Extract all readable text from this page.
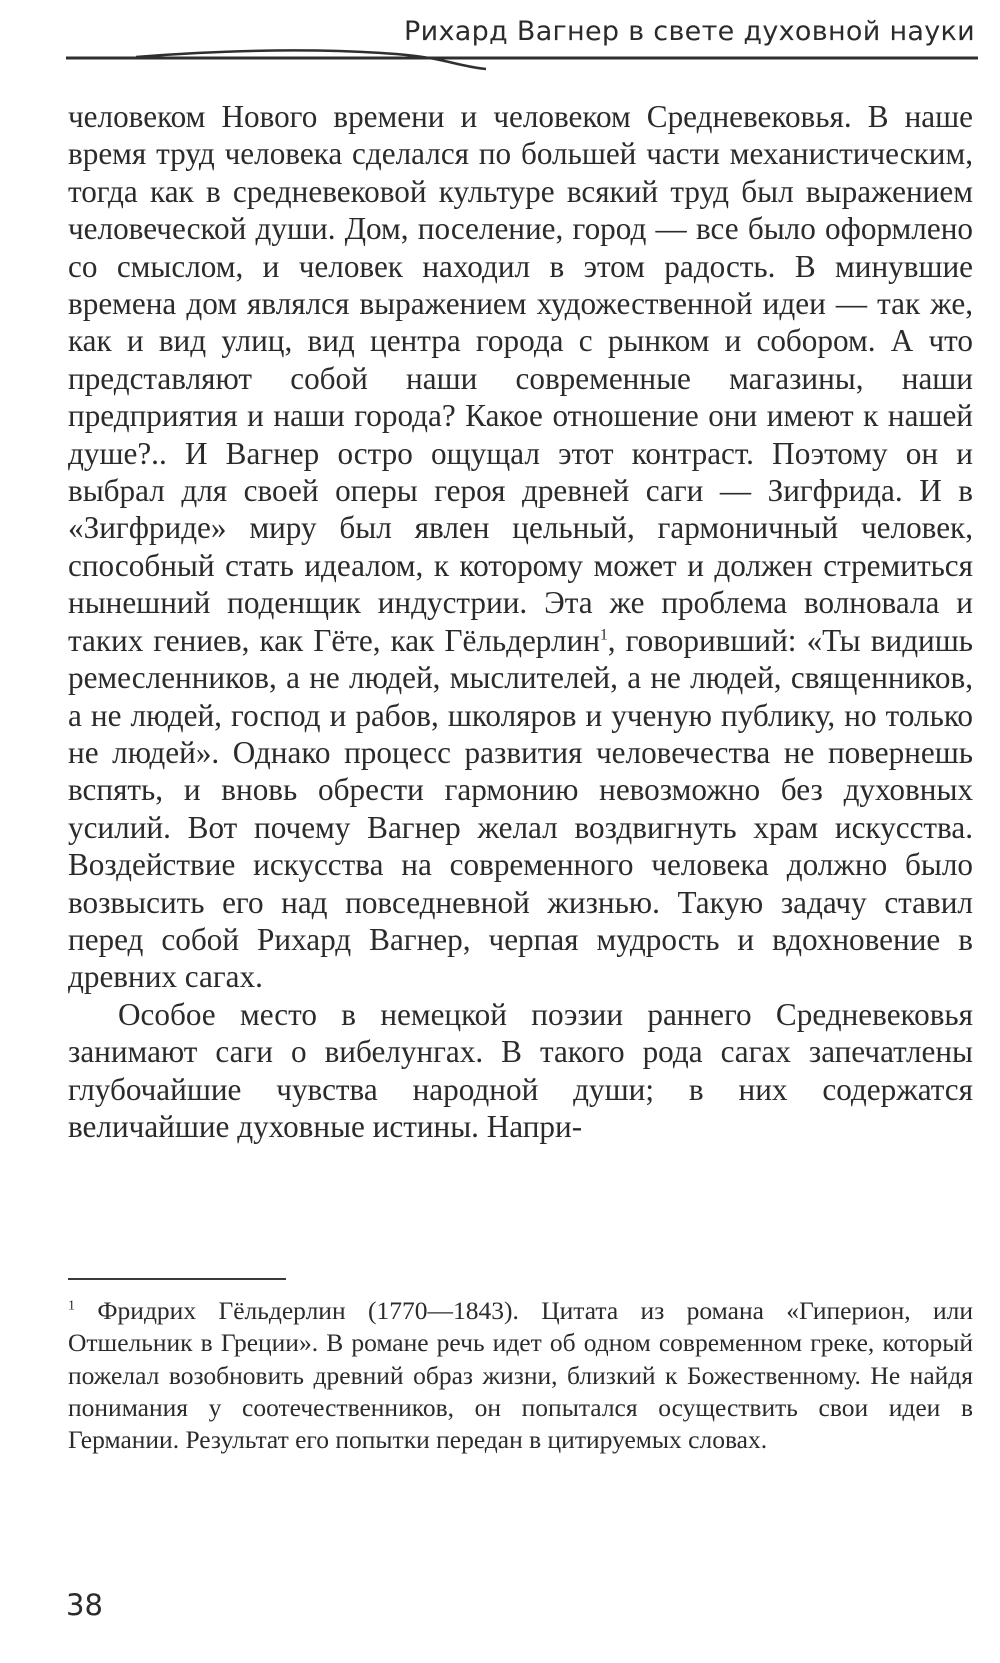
Рихард Вагнер в свете духовной науки

человеком Нового времени и человеком Средневековья. В наше время труд человека сделался по большей части механистическим, тогда как в средневековой культуре всякий труд был выражением человеческой души. Дом, поселение, город — все было оформлено со смыслом, и человек находил в этом радость. В минувшие времена дом являлся выражением художественной идеи — так же, как и вид улиц, вид центра города с рынком и собором. А что представляют собой наши современные магазины, наши предприятия и наши города? Какое отношение они имеют к нашей душе?.. И Вагнер остро ощущал этот контраст. Поэтому он и выбрал для своей оперы героя древней саги — Зигфрида. И в «Зигфриде» миру был явлен цельный, гармоничный человек, способный стать идеалом, к которому может и должен стремиться нынешний поденщик индустрии. Эта же проблема волновала и таких гениев, как Гёте, как Гёльдерлин$^1$, говоривший: «Ты видишь ремесленников, а не людей, мыслителей, а не людей, священников, а не людей, господ и рабов, школяров и ученую публику, но только не людей». Однако процесс развития человечества не повернешь вспять, и вновь обрести гармонию невозможно без духовных усилий. Вот почему Вагнер желал воздвигнуть храм искусства. Воздействие искусства на современного человека должно было возвысить его над повседневной жизнью. Такую задачу ставил перед собой Рихард Вагнер, черпая мудрость и вдохновение в древних сагах.

Особое место в немецкой поэзии раннего Средневековья занимают саги о вибелунгах. В такого рода сагах запечатлены глубочайшие чувства народной души; в них содержатся величайшие духовные истины. Напри-

$^1$ Фридрих Гёльдерлин (1770—1843). Цитата из романа «Гиперион, или Отшельник в Греции». В романе речь идет об одном современном греке, который пожелал возобновить древний образ жизни, близкий к Божественному. Не найдя понимания у соотечественников, он попытался осуществить свои идеи в Германии. Результат его попытки передан в цитируемых словах.

38
